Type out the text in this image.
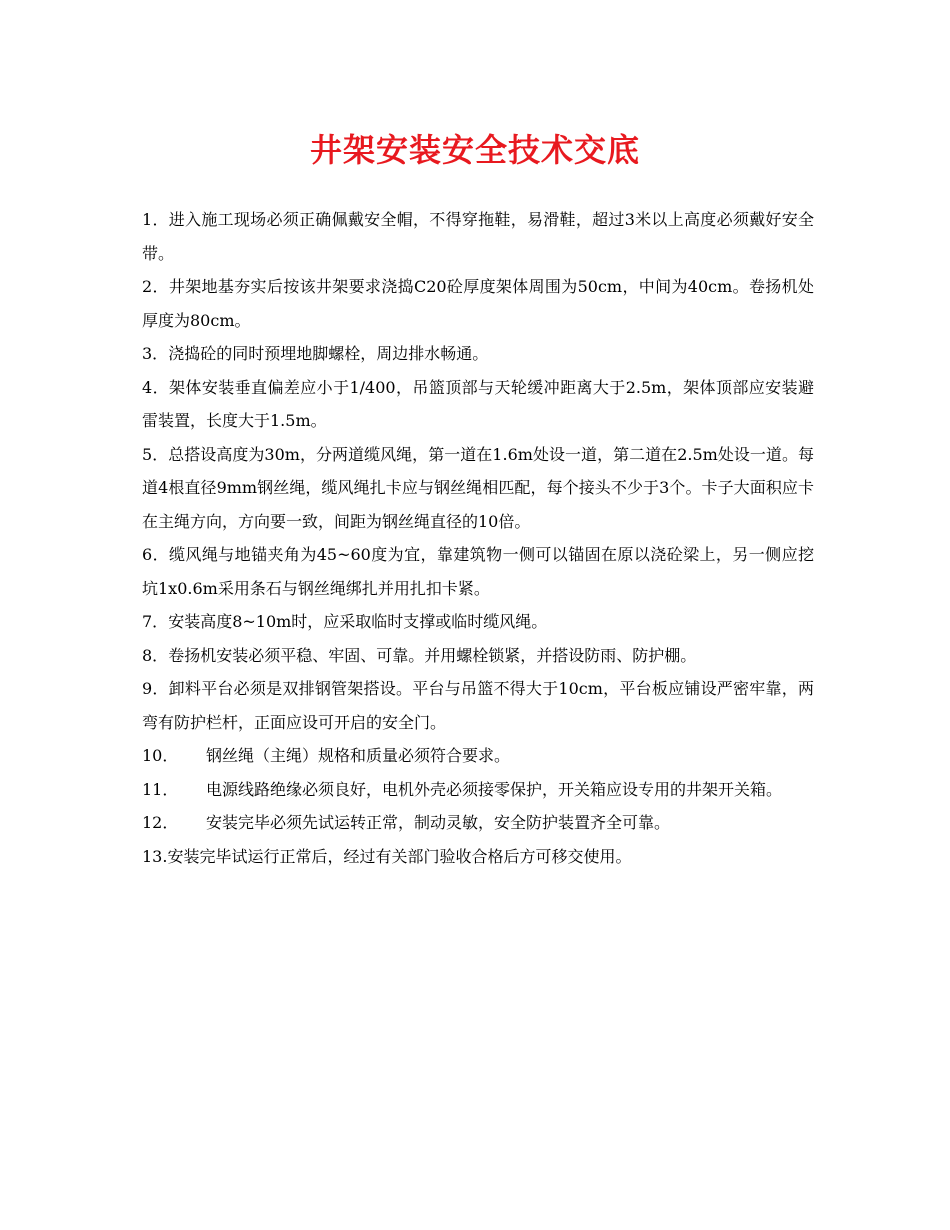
井架安装安全技术交底

1．进入施工现场必须正确佩戴安全帽，不得穿拖鞋，易滑鞋，超过3米以上高度必须戴好安全带。

2．井架地基夯实后按该井架要求浇捣C20砼厚度架体周围为50cm，中间为40cm。卷扬机处厚度为80cm。

3．浇捣砼的同时预埋地脚螺栓，周边排水畅通。

4．架体安装垂直偏差应小于1/400，吊篮顶部与天轮缓冲距离大于2.5m，架体顶部应安装避雷装置，长度大于1.5m。

5．总搭设高度为30m，分两道缆风绳，第一道在1.6m处设一道，第二道在2.5m处设一道。每道4根直径9mm钢丝绳，缆风绳扎卡应与钢丝绳相匹配，每个接头不少于3个。卡子大面积应卡在主绳方向，方向要一致，间距为钢丝绳直径的10倍。

6．缆风绳与地锚夹角为45~60度为宜，靠建筑物一侧可以锚固在原以浇砼梁上，另一侧应挖坑1x0.6m采用条石与钢丝绳绑扎并用扎扣卡紧。

7．安装高度8~10m时，应采取临时支撑或临时缆风绳。

8．卷扬机安装必须平稳、牢固、可靠。并用螺栓锁紧，并搭设防雨、防护棚。

9．卸料平台必须是双排钢管架搭设。平台与吊篮不得大于10cm，平台板应铺设严密牢靠，两弯有防护栏杆，正面应设可开启的安全门。

10． 钢丝绳（主绳）规格和质量必须符合要求。

11． 电源线路绝缘必须良好，电机外壳必须接零保护，开关箱应设专用的井架开关箱。

12． 安装完毕必须先试运转正常，制动灵敏，安全防护装置齐全可靠。

13.安装完毕试运行正常后，经过有关部门验收合格后方可移交使用。
